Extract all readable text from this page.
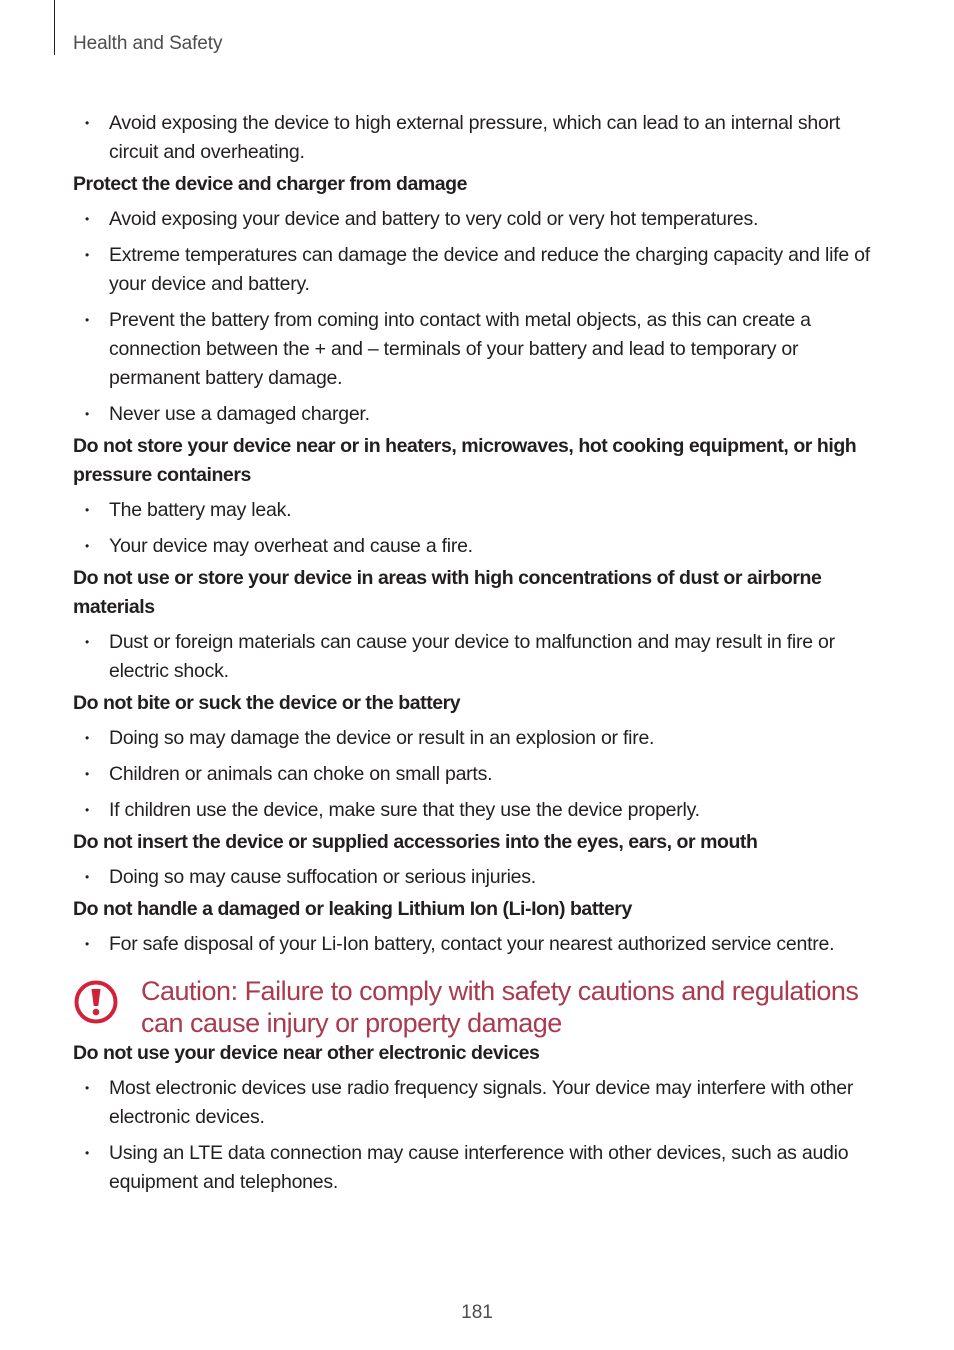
Health and Safety
• Avoid exposing the device to high external pressure, which can lead to an internal short circuit and overheating.
Protect the device and charger from damage
• Avoid exposing your device and battery to very cold or very hot temperatures.
• Extreme temperatures can damage the device and reduce the charging capacity and life of your device and battery.
• Prevent the battery from coming into contact with metal objects, as this can create a connection between the + and – terminals of your battery and lead to temporary or permanent battery damage.
• Never use a damaged charger.
Do not store your device near or in heaters, microwaves, hot cooking equipment, or high pressure containers
• The battery may leak.
• Your device may overheat and cause a fire.
Do not use or store your device in areas with high concentrations of dust or airborne materials
• Dust or foreign materials can cause your device to malfunction and may result in fire or electric shock.
Do not bite or suck the device or the battery
• Doing so may damage the device or result in an explosion or fire.
• Children or animals can choke on small parts.
• If children use the device, make sure that they use the device properly.
Do not insert the device or supplied accessories into the eyes, ears, or mouth
• Doing so may cause suffocation or serious injuries.
Do not handle a damaged or leaking Lithium Ion (Li-Ion) battery
• For safe disposal of your Li-Ion battery, contact your nearest authorized service centre.
Caution: Failure to comply with safety cautions and regulations can cause injury or property damage
Do not use your device near other electronic devices
• Most electronic devices use radio frequency signals. Your device may interfere with other electronic devices.
• Using an LTE data connection may cause interference with other devices, such as audio equipment and telephones.
181
